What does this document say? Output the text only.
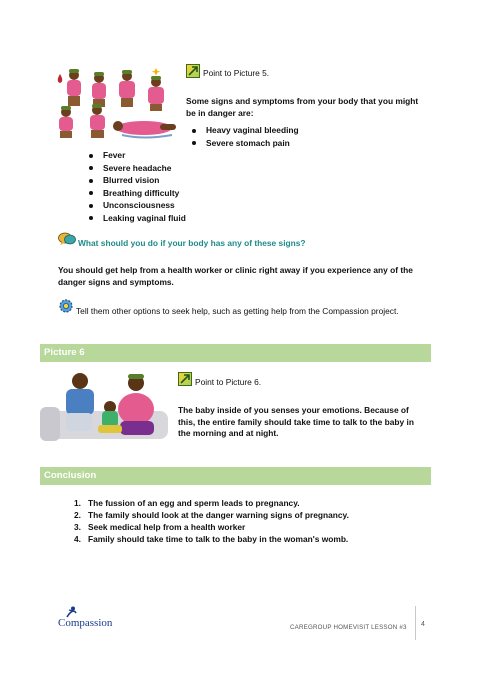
Point to Picture 5.
Some signs and symptoms from your body that you might be in danger are:
Heavy vaginal bleeding
Severe stomach pain
Fever
Severe headache
Blurred vision
Breathing difficulty
Unconsciousness
Leaking vaginal fluid
What should you do if your body has any of these signs?
You should get help from a health worker or clinic right away if you experience any of the danger signs and symptoms.
Tell them other options to seek help, such as getting help from the Compassion project.
Picture 6
Point to Picture 6.
The baby inside of you senses your emotions. Because of this, the entire family should take time to talk to the baby in the morning and at night.
Conclusion
1. The fussion of an egg and sperm leads to pregnancy.
2. The family should look at the danger warning signs of pregnancy.
3. Seek medical help from a health worker
4. Family should take time to talk to the baby in the woman's womb.
Compassion	CAREGROUP HOMEVISIT LESSON #3 4
